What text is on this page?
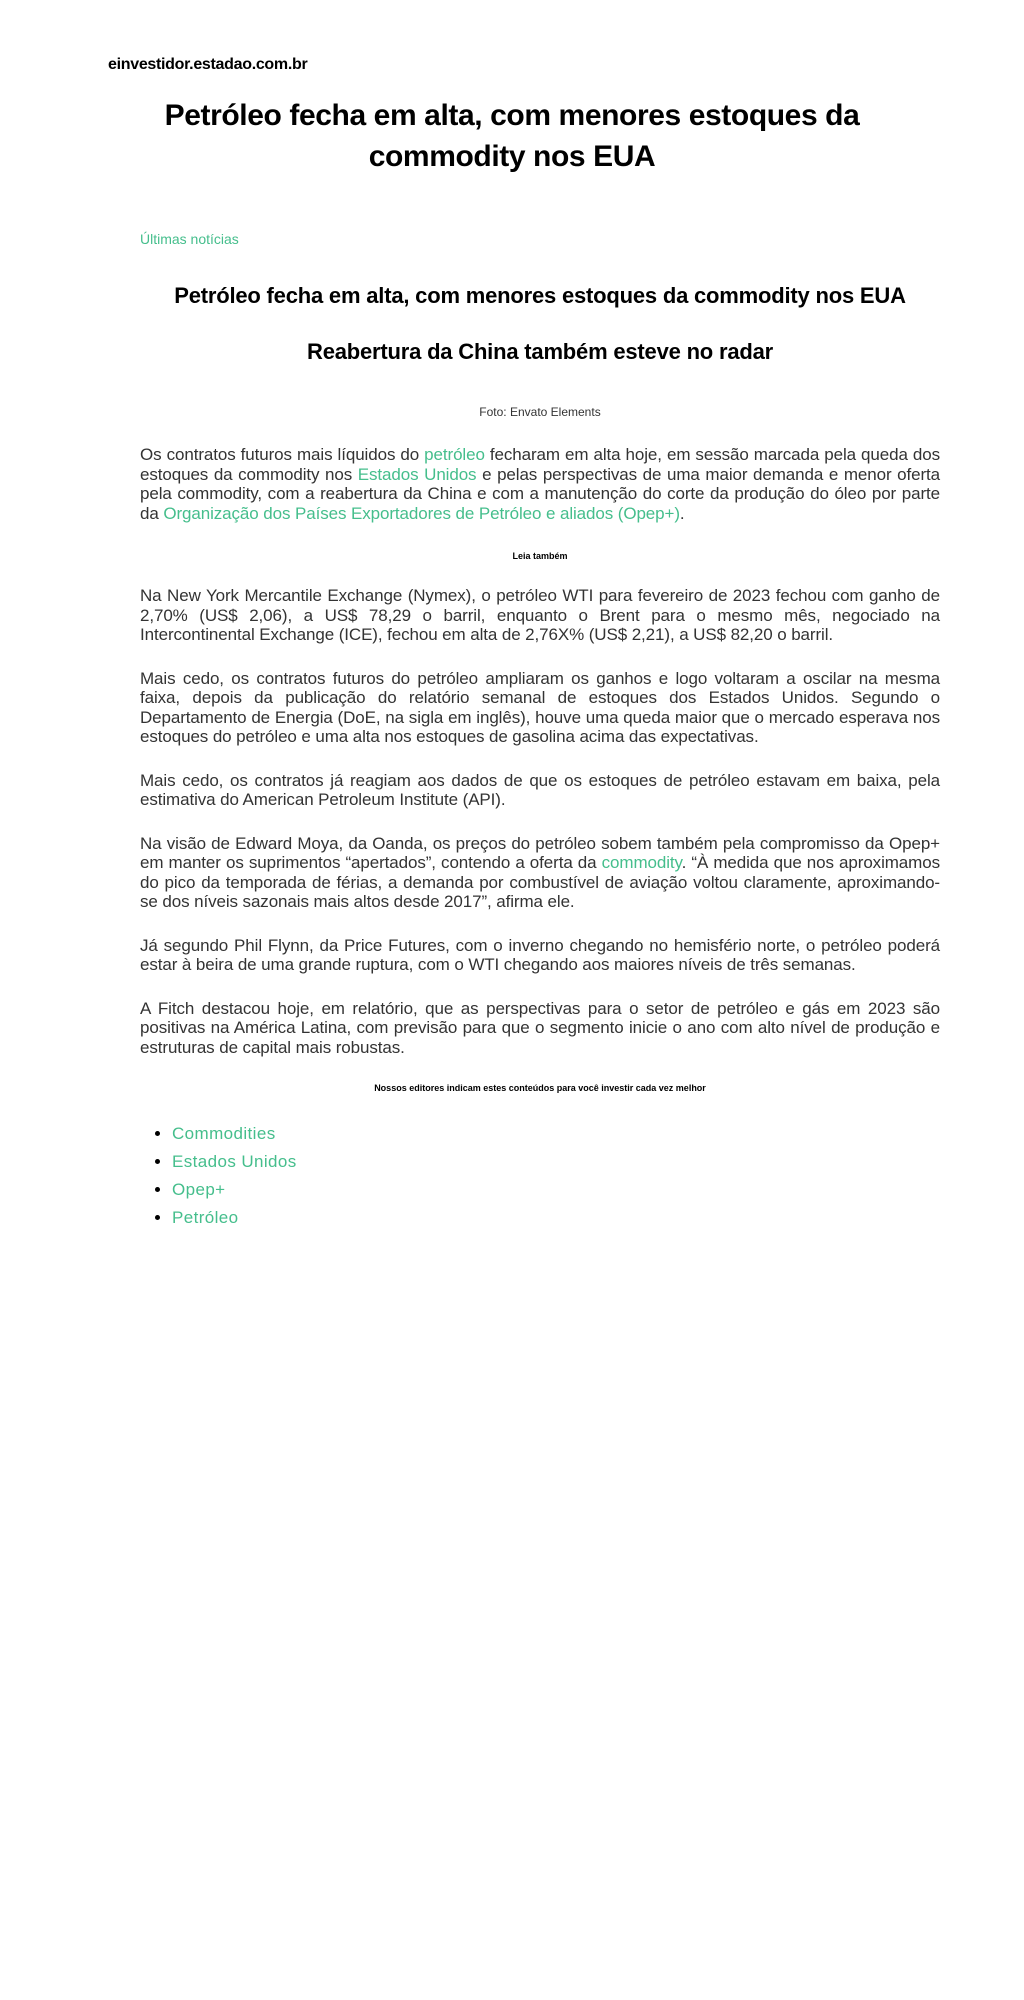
einvestidor.estadao.com.br
Petróleo fecha em alta, com menores estoques da commodity nos EUA
Últimas notícias
Petróleo fecha em alta, com menores estoques da commodity nos EUA
Reabertura da China também esteve no radar
Foto: Envato Elements

Os contratos futuros mais líquidos do petróleo fecharam em alta hoje, em sessão marcada pela queda dos estoques da commodity nos Estados Unidos e pelas perspectivas de uma maior demanda e menor oferta pela commodity, com a reabertura da China e com a manutenção do corte da produção do óleo por parte da Organização dos Países Exportadores de Petróleo e aliados (Opep+).

Leia também

Na New York Mercantile Exchange (Nymex), o petróleo WTI para fevereiro de 2023 fechou com ganho de 2,70% (US$ 2,06), a US$ 78,29 o barril, enquanto o Brent para o mesmo mês, negociado na Intercontinental Exchange (ICE), fechou em alta de 2,76X% (US$ 2,21), a US$ 82,20 o barril.

Mais cedo, os contratos futuros do petróleo ampliaram os ganhos e logo voltaram a oscilar na mesma faixa, depois da publicação do relatório semanal de estoques dos Estados Unidos. Segundo o Departamento de Energia (DoE, na sigla em inglês), houve uma queda maior que o mercado esperava nos estoques do petróleo e uma alta nos estoques de gasolina acima das expectativas.

Mais cedo, os contratos já reagiam aos dados de que os estoques de petróleo estavam em baixa, pela estimativa do American Petroleum Institute (API).

Na visão de Edward Moya, da Oanda, os preços do petróleo sobem também pela compromisso da Opep+ em manter os suprimentos “apertados”, contendo a oferta da commodity. “À medida que nos aproximamos do pico da temporada de férias, a demanda por combustível de aviação voltou claramente, aproximando-se dos níveis sazonais mais altos desde 2017”, afirma ele.

Já segundo Phil Flynn, da Price Futures, com o inverno chegando no hemisfério norte, o petróleo poderá estar à beira de uma grande ruptura, com o WTI chegando aos maiores níveis de três semanas.

A Fitch destacou hoje, em relatório, que as perspectivas para o setor de petróleo e gás em 2023 são positivas na América Latina, com previsão para que o segmento inicie o ano com alto nível de produção e estruturas de capital mais robustas.

Nossos editores indicam estes conteúdos para você investir cada vez melhor
• Commodities
• Estados Unidos
• Opep+
• Petróleo
